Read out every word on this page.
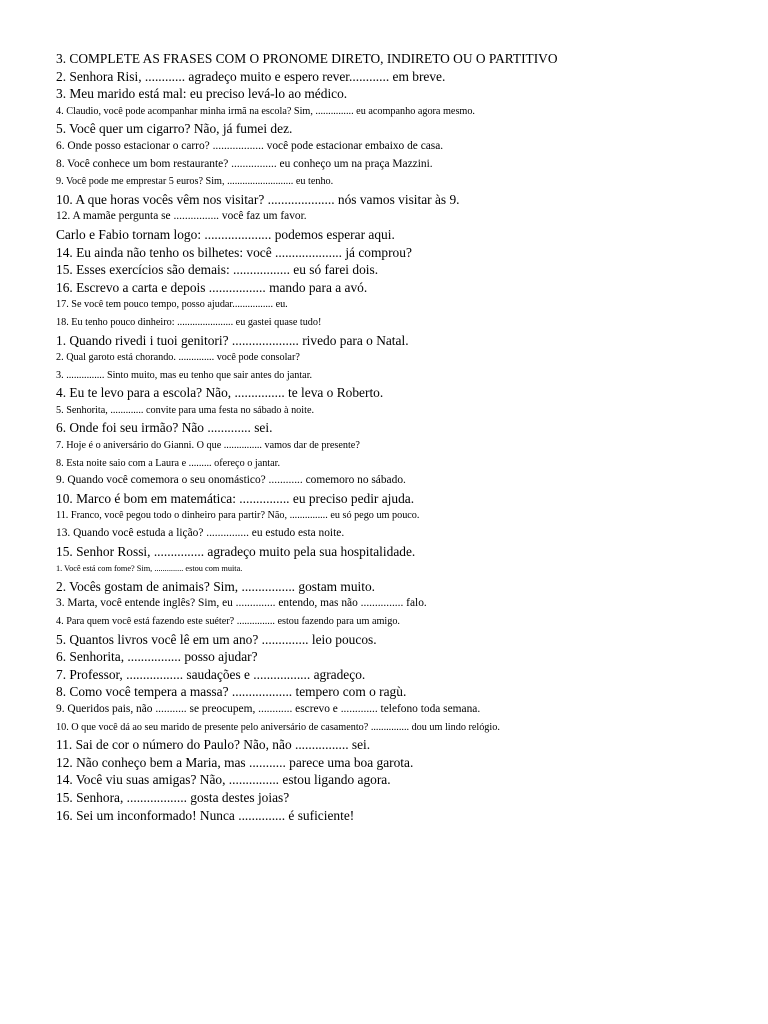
3. COMPLETE AS FRASES COM O PRONOME DIRETO, INDIRETO OU O PARTITIVO
2. Senhora Risi, ............ agradeço muito e espero rever............ em breve.
3. Meu marido está mal: eu preciso levá-lo ao médico.
4. Claudio, você pode acompanhar minha irmã na escola? Sim, ............... eu acompanho agora mesmo.
5. Você quer um cigarro? Não, já fumei dez.
6. Onde posso estacionar o carro? .................. você pode estacionar embaixo de casa.
8. Você conhece um bom restaurante? ................ eu conheço um na praça Mazzini.
9. Você pode me emprestar 5 euros? Sim, .......................... eu tenho.
10. A que horas vocês vêm nos visitar? .................... nós vamos visitar às 9.
12. A mamãe pergunta se ................ você faz um favor.
Carlo e Fabio tornam logo: .................... podemos esperar aqui.
14. Eu ainda não tenho os bilhetes: você .................... já comprou?
15. Esses exercícios são demais: ................. eu só farei dois.
16. Escrevo a carta e depois ................. mando para a avó.
17. Se você tem pouco tempo, posso ajudar................ eu.
18. Eu tenho pouco dinheiro: ...................... eu gastei quase tudo!
1. Quando rivedi i tuoi genitori? .................... rivedo para o Natal.
2. Qual garoto está chorando. .............. você pode consolar?
3. ............... Sinto muito, mas eu tenho que sair antes do jantar.
4. Eu te levo para a escola? Não, ............... te leva o Roberto.
5. Senhorita, ............. convite para uma festa no sábado à noite.
6. Onde foi seu irmão? Não ............. sei.
7. Hoje é o aniversário do Gianni. O que ............... vamos dar de presente?
8. Esta noite saio com a Laura e ......... ofereço o jantar.
9. Quando você comemora o seu onomástico? ............ comemoro no sábado.
10. Marco é bom em matemática: ............... eu preciso pedir ajuda.
11. Franco, você pegou todo o dinheiro para partir? Não, ............... eu só pego um pouco.
13. Quando você estuda a lição? ............... eu estudo esta noite.
15. Senhor Rossi, ............... agradeço muito pela sua hospitalidade.
1. Você está com fome? Sim, .............. estou com muita.
2. Vocês gostam de animais? Sim, ................ gostam muito.
3. Marta, você entende inglês? Sim, eu .............. entendo, mas não ............... falo.
4. Para quem você está fazendo este suéter? ............... estou fazendo para um amigo.
5. Quantos livros você lê em um ano? .............. leio poucos.
6. Senhorita, ................ posso ajudar?
7. Professor, ................. saudações e ................. agradeço.
8. Como você tempera a massa? .................. tempero com o ragù.
9. Queridos pais, não ........... se preocupem, ............ escrevo e ............. telefono toda semana.
10. O que você dá ao seu marido de presente pelo aniversário de casamento? ............... dou um lindo relógio.
11. Sai de cor o número do Paulo? Não, não ................ sei.
12. Não conheço bem a Maria, mas ........... parece uma boa garota.
14. Você viu suas amigas? Não, ............... estou ligando agora.
15. Senhora, .................. gosta destes joias?
16. Sei um inconformado! Nunca .............. é suficiente!
